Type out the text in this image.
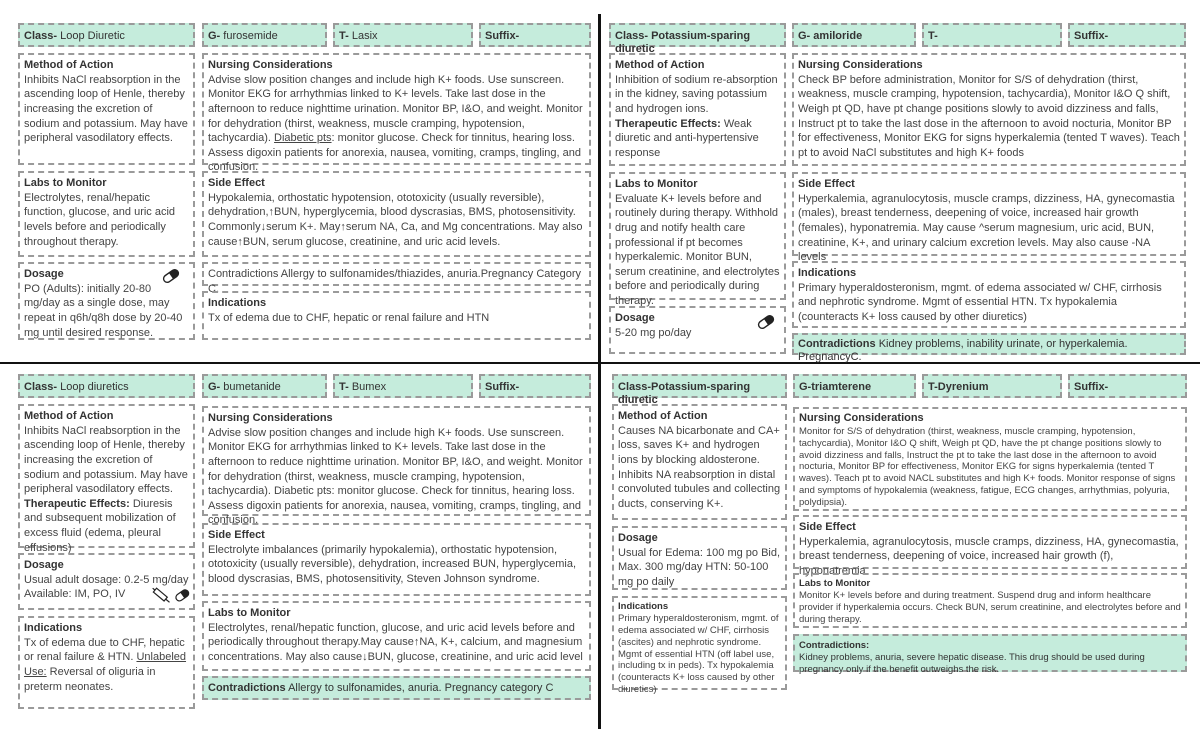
Class- Loop Diuretic	G- furosemide	T- Lasix	Suffix-
Method of Action
Inhibits NaCl reabsorption in the ascending loop of Henle, thereby increasing the excretion of sodium and potassium. May have peripheral vasodilatory effects.
Nursing Considerations
Advise slow position changes and include high K+ foods. Use sunscreen. Monitor EKG for arrhythmias linked to K+ levels. Take last dose in the afternoon to reduce nighttime urination. Monitor BP, I&O, and weight. Monitor for dehydration (thirst, weakness, muscle cramping, hypotension, tachycardia). Diabetic pts: monitor glucose. Check for tinnitus, hearing loss. Assess digoxin patients for anorexia, nausea, vomiting, cramps, tingling, and confusion.
Labs to Monitor
Electrolytes, renal/hepatic function, glucose, and uric acid levels before and periodically throughout therapy.
Side Effect
Hypokalemia, orthostatic hypotension, ototoxicity (usually reversible), dehydration,↑BUN, hyperglycemia, blood dyscrasias, BMS, photosensitivity. Commonly↓serum K+. May↑serum NA, Ca, and Mg concentrations. May also cause↑BUN, serum glucose, creatinine, and uric acid levels.
Dosage
PO (Adults): initially 20-80 mg/day as a single dose, may repeat in q6h/q8h dose by 20-40 mg until desired response.
Contradictions Allergy to sulfonamides/thiazides, anuria.Pregnancy Category C.
Indications
Tx of edema due to CHF, hepatic or renal failure and HTN
Class- Potassium-sparing diuretic
G- amiloride	T-	Suffix-
Method of Action
Inhibition of sodium re-absorption in the kidney, saving potassium and hydrogen ions.
Therapeutic Effects: Weak diuretic and anti-hypertensive response
Nursing Considerations
Check BP before administration, Monitor for S/S of dehydration (thirst, weakness, muscle cramping, hypotension, tachycardia), Monitor I&O Q shift, Weigh pt QD, have pt change positions slowly to avoid dizziness and falls, Instruct pt to take the last dose in the afternoon to avoid nocturia, Monitor BP for effectiveness, Monitor EKG for signs hyperkalemia (tented T waves). Teach pt to avoid NaCl substitutes and high K+ foods
Labs to Monitor
Evaluate K+ levels before and routinely during therapy. Withhold drug and notify health care professional if pt becomes hyperkalemic. Monitor BUN, serum creatinine, and electrolytes before and periodically during therapy.
Side Effect
Hyperkalemia, agranulocytosis, muscle cramps, dizziness, HA, gynecomastia (males), breast tenderness, deepening of voice, increased hair growth (females), hyponatremia. May cause ^serum magnesium, uric acid, BUN, creatinine, K+, and urinary calcium excretion levels. May also cause -NA levels
Indications
Primary hyperaldosteronism, mgmt. of edema associated w/ CHF, cirrhosis and nephrotic syndrome. Mgmt of essential HTN. Tx hypokalemia (counteracts K+ loss caused by other diuretics)
Dosage
5-20 mg po/day
Contradictions Kidney problems, inability urinate, or hyperkalemia. PregnancyC.
Class- Loop diuretics	G- bumetanide	T- Bumex	Suffix-
Method of Action
Inhibits NaCl reabsorption in the ascending loop of Henle, thereby increasing the excretion of sodium and potassium. May have peripheral vasodilatory effects.
Therapeutic Effects: Diuresis and subsequent mobilization of excess fluid (edema, pleural effusions)
Nursing Considerations
Advise slow position changes and include high K+ foods. Use sunscreen. Monitor EKG for arrhythmias linked to K+ levels. Take last dose in the afternoon to reduce nighttime urination. Monitor BP, I&O, and weight. Monitor for dehydration (thirst, weakness, muscle cramping, hypotension, tachycardia). Diabetic pts: monitor glucose. Check for tinnitus, hearing loss. Assess digoxin patients for anorexia, nausea, vomiting, cramps, tingling, and confusion.
Side Effect
Electrolyte imbalances (primarily hypokalemia), orthostatic hypotension, ototoxicity (usually reversible), dehydration, increased BUN, hyperglycemia, blood dyscrasias, BMS, photosensitivity, Steven Johnson syndrome.
Dosage
Usual adult dosage: 0.2-5 mg/day Available: IM, PO, IV
Labs to Monitor
Electrolytes, renal/hepatic function, glucose, and uric acid levels before and periodically throughout therapy.May cause↑NA, K+, calcium, and magnesium concentrations. May also cause↓BUN, glucose, creatinine, and uric acid level
Indications
Tx of edema due to CHF, hepatic or renal failure & HTN. Unlabeled Use: Reversal of oliguria in preterm neonates.	Contradictions Allergy to sulfonamides, anuria. Pregnancy category C
Class-Potassium-sparing diuretic
G-triamterene	T-Dyrenium	Suffix-
Method of Action
Causes NA bicarbonate and CA+ loss, saves K+ and hydrogen ions by blocking aldosterone. Inhibits NA reabsorption in distal convoluted tubules and collecting ducts, conserving K+.
Nursing Considerations
Monitor for S/S of dehydration (thirst, weakness, muscle cramping, hypotension, tachycardia), Monitor I&O Q shift, Weigh pt QD, have the pt change positions slowly to avoid dizziness and falls, Instruct the pt to take the last dose in the afternoon to avoid nocturia, Monitor BP for effectiveness, Monitor EKG for signs hyperkalemia (tented T waves). Teach pt to avoid NACL substitutes and high K+ foods. Monitor response of signs and symptoms of hypokalemia (weakness, fatigue, ECG changes, arrhythmias, polyuria, polydipsia).
Dosage
Usual for Edema: 100 mg po Bid, Max. 300 mg/day HTN: 50-100 mg po daily
Side Effect
Hyperkalemia, agranulocytosis, muscle cramps, dizziness, HA, gynecomastia, breast tenderness, deepening of voice, increased hair growth (f), hyponatremia
Labs to Monitor
Monitor K+ levels before and during treatment. Suspend drug and inform healthcare provider if hyperkalemia occurs. Check BUN, serum creatinine, and electrolytes before and during therapy.
Indications
Primary hyperaldosteronism, mgmt. of edema associated w/ CHF, cirrhosis (ascites) and nephrotic syndrome. Mgmt of essential HTN (off label use, including tx in peds). Tx hypokalemia (counteracts K+ loss caused by other diuretics)
Contradictions:
Kidney problems, anuria, severe hepatic disease. This drug should be used during pregnancy only if the benefit outweighs the risk.
